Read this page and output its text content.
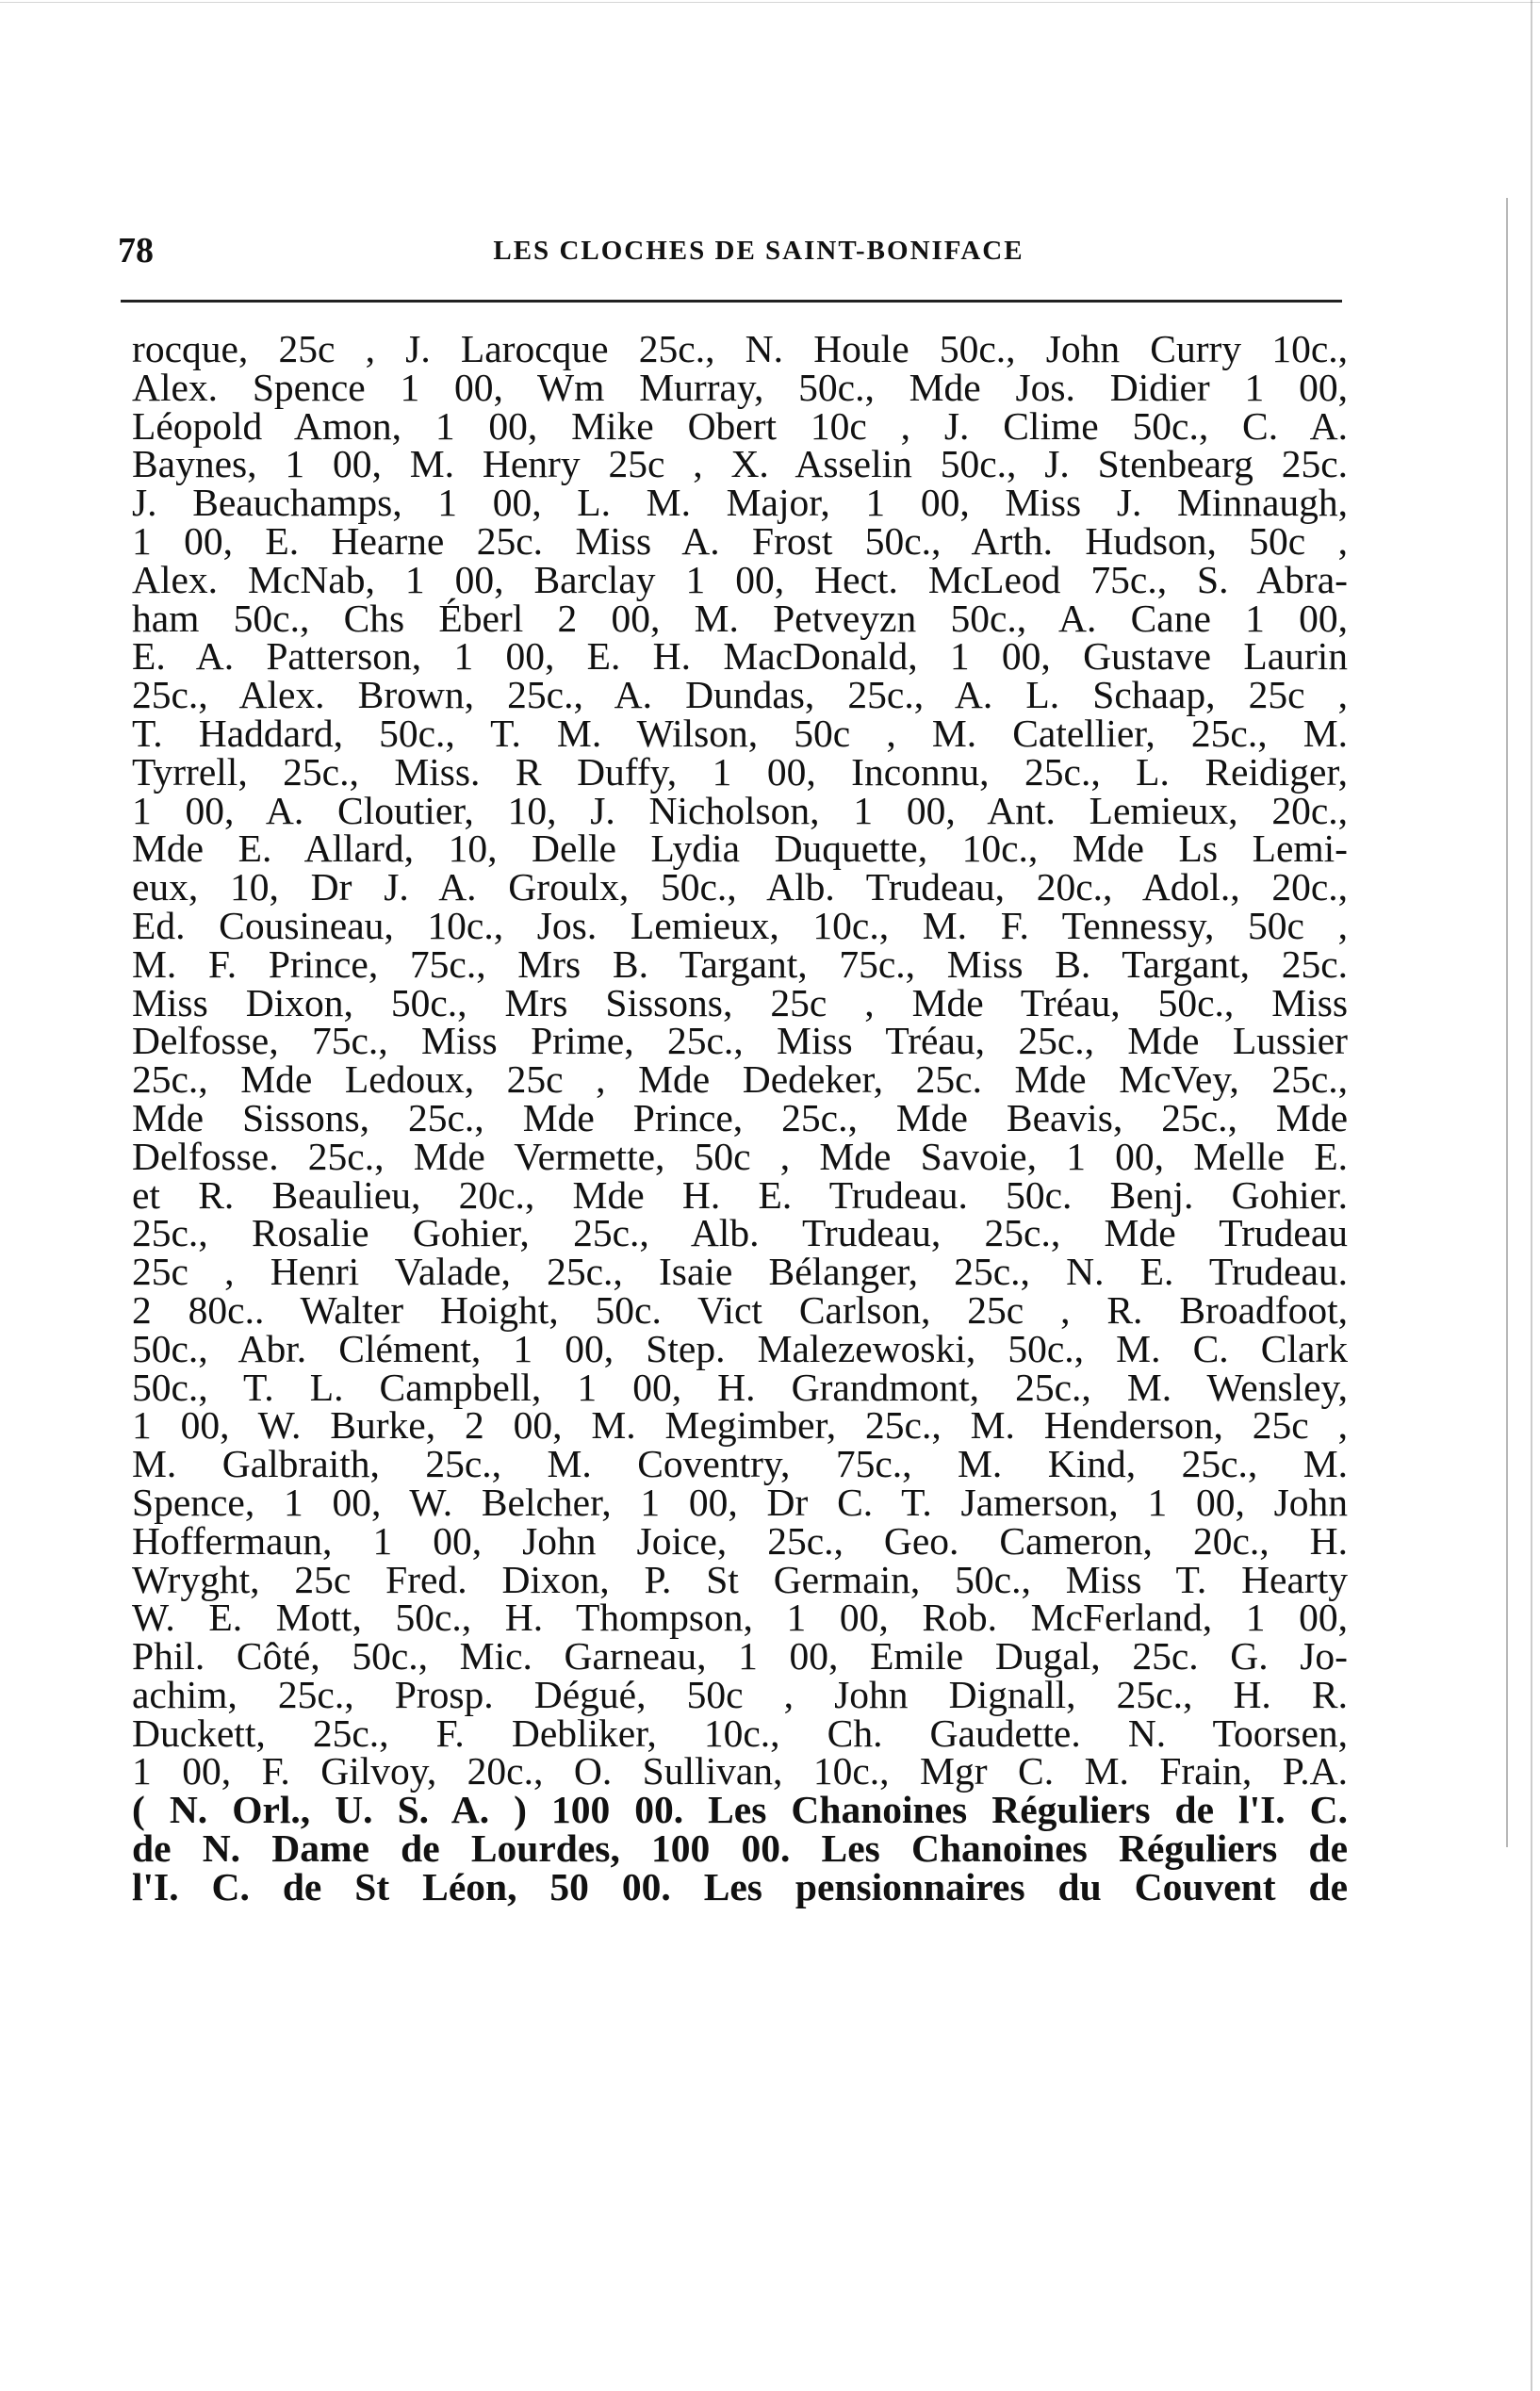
78	LES CLOCHES DE SAINT-BONIFACE
rocque, 25c , J. Larocque 25c., N. Houle 50c., John Curry 10c.,
Alex. Spence 1 00, Wm Murray, 50c., Mde Jos. Didier 1 00,
Léopold Amon, 1 00, Mike Obert 10c , J. Clime 50c., C. A.
Baynes, 1 00, M. Henry 25c , X. Asselin 50c., J. Stenbearg 25c.
J. Beauchamps, 1 00, L. M. Major, 1 00, Miss J. Minnaugh,
1 00, E. Hearne 25c. Miss A. Frost 50c., Arth. Hudson, 50c ,
Alex. McNab, 1 00, Barclay 1 00, Hect. McLeod 75c., S. Abra-
ham 50c., Chs Éberl 2 00, M. Petveyzn 50c., A. Cane 1 00,
E. A. Patterson, 1 00, E. H. MacDonald, 1 00, Gustave Laurin
25c., Alex. Brown, 25c., A. Dundas, 25c., A. L. Schaap, 25c ,
T. Haddard, 50c., T. M. Wilson, 50c , M. Catellier, 25c., M.
Tyrrell, 25c., Miss. R Duffy, 1 00, Inconnu, 25c., L. Reidiger,
1 00, A. Cloutier, 10, J. Nicholson, 1 00, Ant. Lemieux, 20c.,
Mde E. Allard, 10, Delle Lydia Duquette, 10c., Mde Ls Lemi-
eux, 10, Dr J. A. Groulx, 50c., Alb. Trudeau, 20c., Adol., 20c.,
Ed. Cousineau, 10c., Jos. Lemieux, 10c., M. F. Tennessy, 50c ,
M. F. Prince, 75c., Mrs B. Targant, 75c., Miss B. Targant, 25c.
Miss Dixon, 50c., Mrs Sissons, 25c , Mde Tréau, 50c., Miss
Delfosse, 75c., Miss Prime, 25c., Miss Tréau, 25c., Mde Lussier
25c., Mde Ledoux, 25c , Mde Dedeker, 25c. Mde McVey, 25c.,
Mde Sissons, 25c., Mde Prince, 25c., Mde Beavis, 25c., Mde
Delfosse. 25c., Mde Vermette, 50c , Mde Savoie, 1 00, Melle E.
et R. Beaulieu, 20c., Mde H. E. Trudeau. 50c. Benj. Gohier.
25c., Rosalie Gohier, 25c., Alb. Trudeau, 25c., Mde Trudeau
25c , Henri Valade, 25c., Isaie Bélanger, 25c., N. E. Trudeau.
2 80c.. Walter Hoight, 50c. Vict Carlson, 25c , R. Broadfoot,
50c., Abr. Clément, 1 00, Step. Malezewoski, 50c., M. C. Clark
50c., T. L. Campbell, 1 00, H. Grandmont, 25c., M. Wensley,
1 00, W. Burke, 2 00, M. Megimber, 25c., M. Henderson, 25c ,
M. Galbraith, 25c., M. Coventry, 75c., M. Kind, 25c., M.
Spence, 1 00, W. Belcher, 1 00, Dr C. T. Jamerson, 1 00, John
Hoffermaun, 1 00, John Joice, 25c., Geo. Cameron, 20c., H.
Wryght, 25c Fred. Dixon, P. St Germain, 50c., Miss T. Hearty
W. E. Mott, 50c., H. Thompson, 1 00, Rob. McFerland, 1 00,
Phil. Côté, 50c., Mic. Garneau, 1 00, Emile Dugal, 25c. G. Jo-
achim, 25c., Prosp. Dégué, 50c , John Dignall, 25c., H. R.
Duckett, 25c., F. Debliker, 10c., Ch. Gaudette. N. Toorsen,
1 00, F. Gilvoy, 20c., O. Sullivan, 10c., Mgr C. M. Frain, P.A.
( N. Orl., U. S. A. ) 100 00. Les Chanoines Réguliers de l'I. C.
de N. Dame de Lourdes, 100 00. Les Chanoines Réguliers de
l'I. C. de St Léon, 50 00. Les pensionnaires du Couvent de
